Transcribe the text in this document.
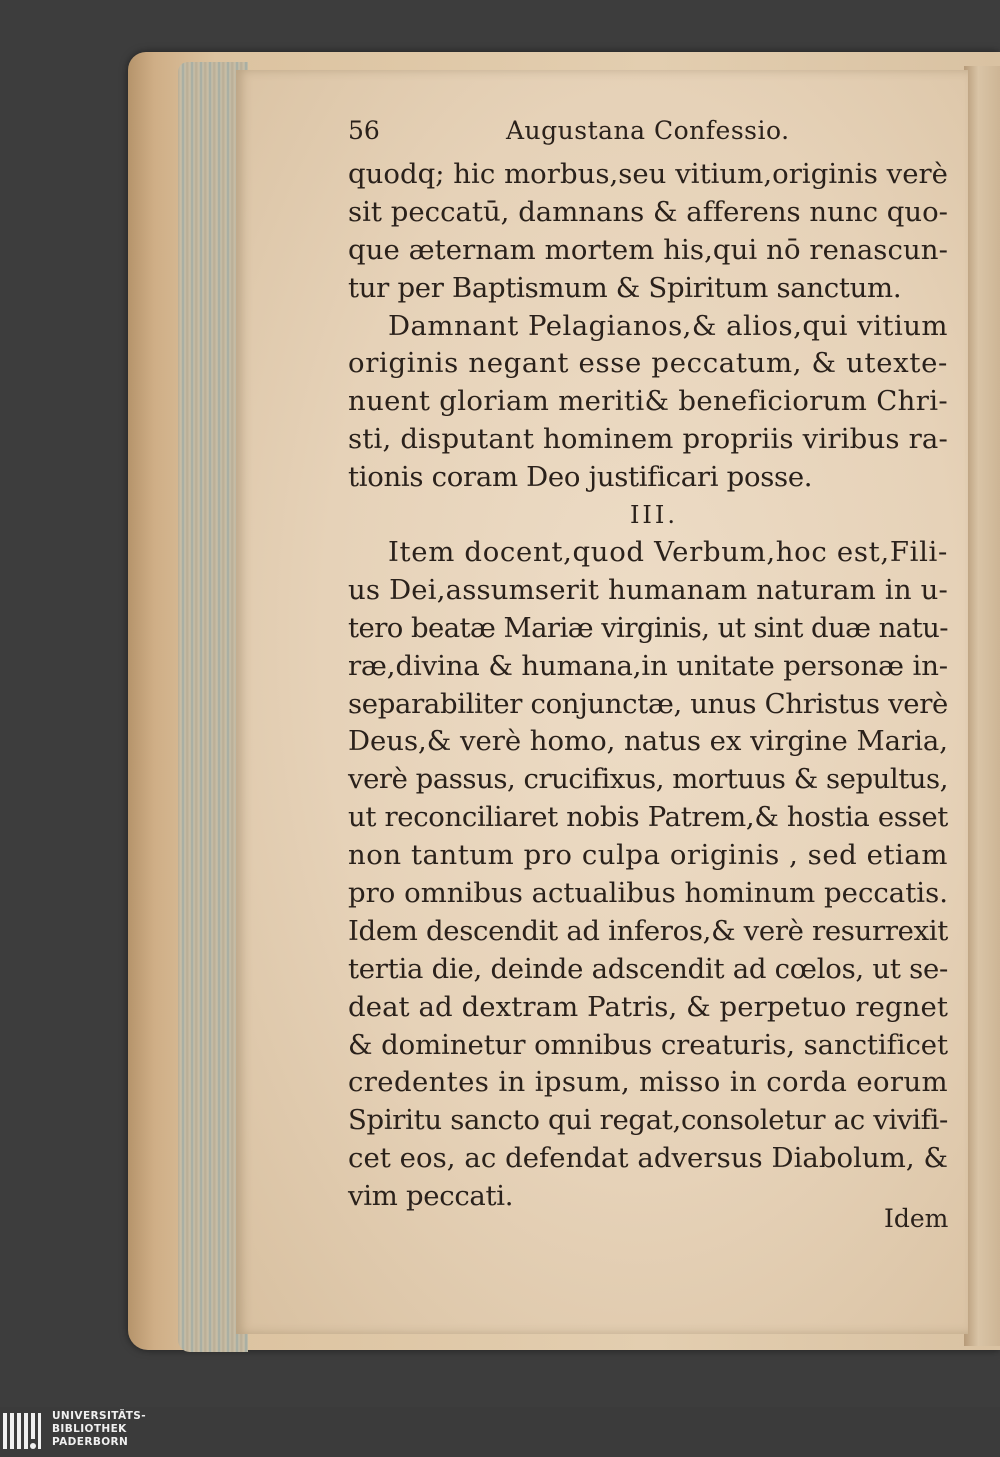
56	Augustana Confessio.
quodq; hic morbus,seu vitium,originis verè
sit peccatū, damnans & afferens nunc quo-
que æternam mortem his,qui nō renascun-
tur per Baptismum & Spiritum sanctum.
Damnant Pelagianos,& alios,qui vitium
originis negant esse peccatum, & utexte-
nuent gloriam meriti& beneficiorum Chri-
sti, disputant hominem propriis viribus ra-
tionis coram Deo justificari posse.
III.
Item docent,quod Verbum,hoc est,Fili-
us Dei,assumserit humanam naturam in u-
tero beatæ Mariæ virginis, ut sint duæ natu-
ræ,divina & humana,in unitate personæ in-
separabiliter conjunctæ, unus Christus verè
Deus,& verè homo, natus ex virgine Maria,
verè passus, crucifixus, mortuus & sepultus,
ut reconciliaret nobis Patrem,& hostia esset
non tantum pro culpa originis , sed etiam
pro omnibus actualibus hominum peccatis.
Idem descendit ad inferos,& verè resurrexit
tertia die, deinde adscendit ad cœlos, ut se-
deat ad dextram Patris, & perpetuo regnet
& dominetur omnibus creaturis, sanctificet
credentes in ipsum, misso in corda eorum
Spiritu sancto qui regat,consoletur ac vivifi-
cet eos, ac defendat adversus Diabolum, &
vim peccati.
Idem
UNIVERSITÄTS-
BIBLIOTHEK
PADERBORN
